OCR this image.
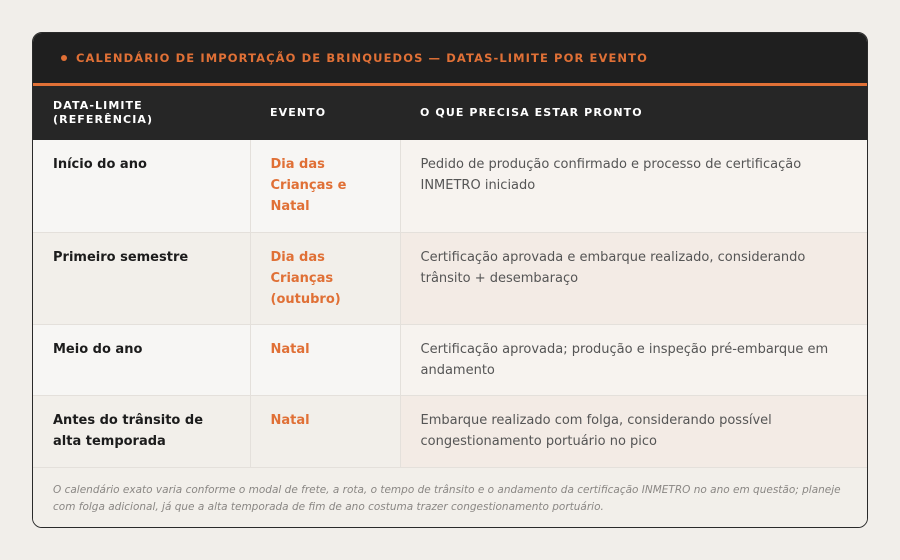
CALENDÁRIO DE IMPORTAÇÃO DE BRINQUEDOS — DATAS-LIMITE POR EVENTO
DATA-LIMITE (REFERÊNCIA)	EVENTO	O QUE PRECISA ESTAR PRONTO
Início do ano	Dia das Crianças e Natal	Pedido de produção confirmado e processo de certificação INMETRO iniciado
Primeiro semestre	Dia das Crianças (outubro)	Certificação aprovada e embarque realizado, considerando trânsito + desembaraço
Meio do ano	Natal	Certificação aprovada; produção e inspeção pré-embarque em andamento
Antes do trânsito de alta temporada	Natal	Embarque realizado com folga, considerando possível congestionamento portuário no pico
O calendário exato varia conforme o modal de frete, a rota, o tempo de trânsito e o andamento da certificação INMETRO no ano em questão; planeje com folga adicional, já que a alta temporada de fim de ano costuma trazer congestionamento portuário.
